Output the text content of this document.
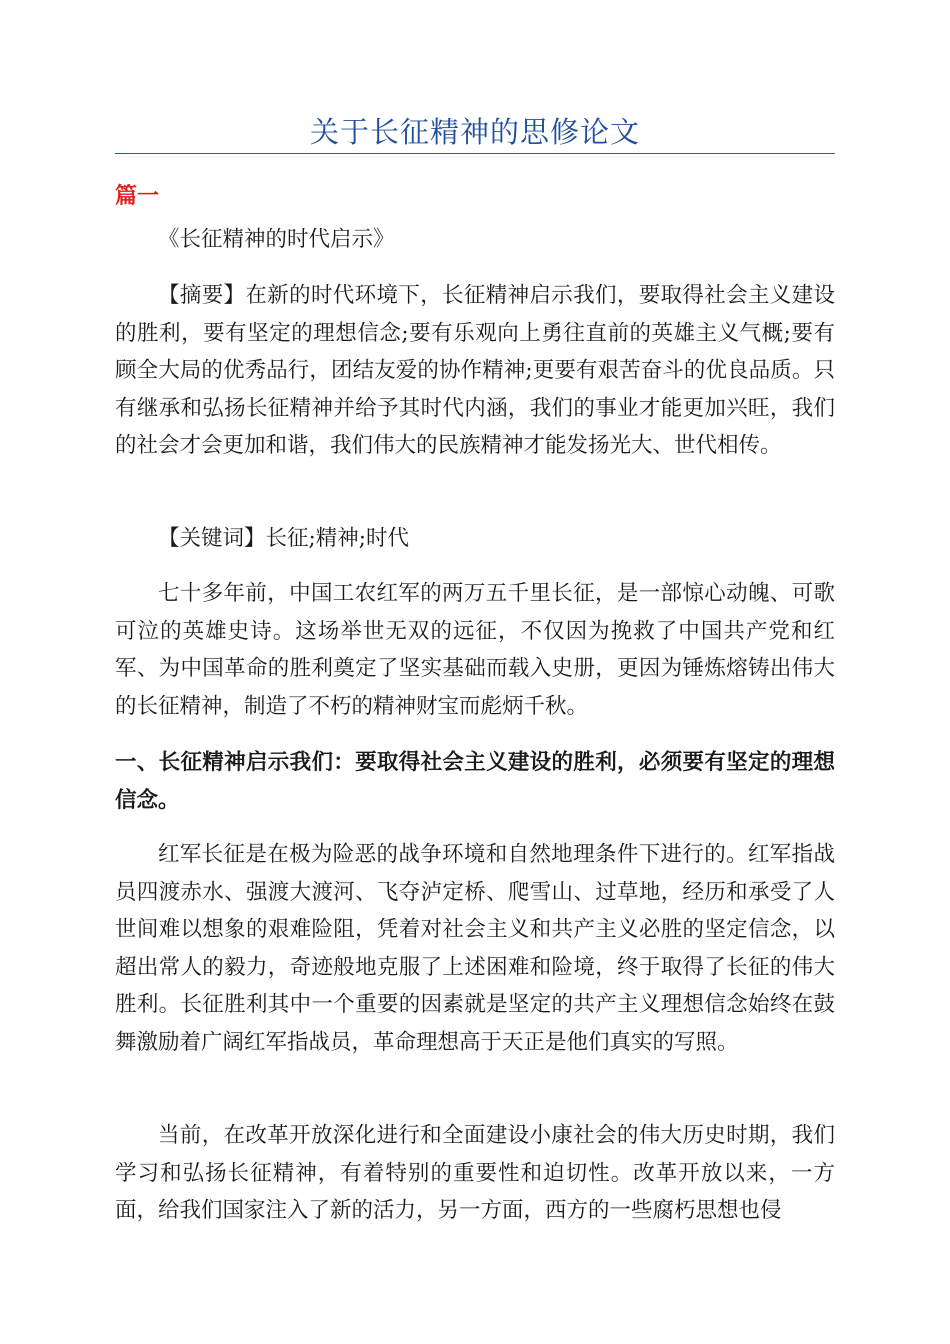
关于长征精神的思修论文
篇一

《长征精神的时代启示》

【摘要】在新的时代环境下，长征精神启示我们，要取得社会主义建设的胜利，要有坚定的理想信念;要有乐观向上勇往直前的英雄主义气概;要有顾全大局的优秀品行，团结友爱的协作精神;更要有艰苦奋斗的优良品质。只有继承和弘扬长征精神并给予其时代内涵，我们的事业才能更加兴旺，我们的社会才会更加和谐，我们伟大的民族精神才能发扬光大、世代相传。

【关键词】长征;精神;时代

七十多年前，中国工农红军的两万五千里长征，是一部惊心动魄、可歌可泣的英雄史诗。这场举世无双的远征，不仅因为挽救了中国共产党和红军、为中国革命的胜利奠定了坚实基础而载入史册，更因为锤炼熔铸出伟大的长征精神，制造了不朽的精神财宝而彪炳千秋。

一、长征精神启示我们：要取得社会主义建设的胜利，必须要有坚定的理想信念。

红军长征是在极为险恶的战争环境和自然地理条件下进行的。红军指战员四渡赤水、强渡大渡河、飞夺泸定桥、爬雪山、过草地，经历和承受了人世间难以想象的艰难险阻，凭着对社会主义和共产主义必胜的坚定信念，以超出常人的毅力，奇迹般地克服了上述困难和险境，终于取得了长征的伟大胜利。长征胜利其中一个重要的因素就是坚定的共产主义理想信念始终在鼓舞激励着广阔红军指战员，革命理想高于天正是他们真实的写照。

当前，在改革开放深化进行和全面建设小康社会的伟大历史时期，我们学习和弘扬长征精神，有着特别的重要性和迫切性。改革开放以来，一方面，给我们国家注入了新的活力，另一方面，西方的一些腐朽思想也侵
